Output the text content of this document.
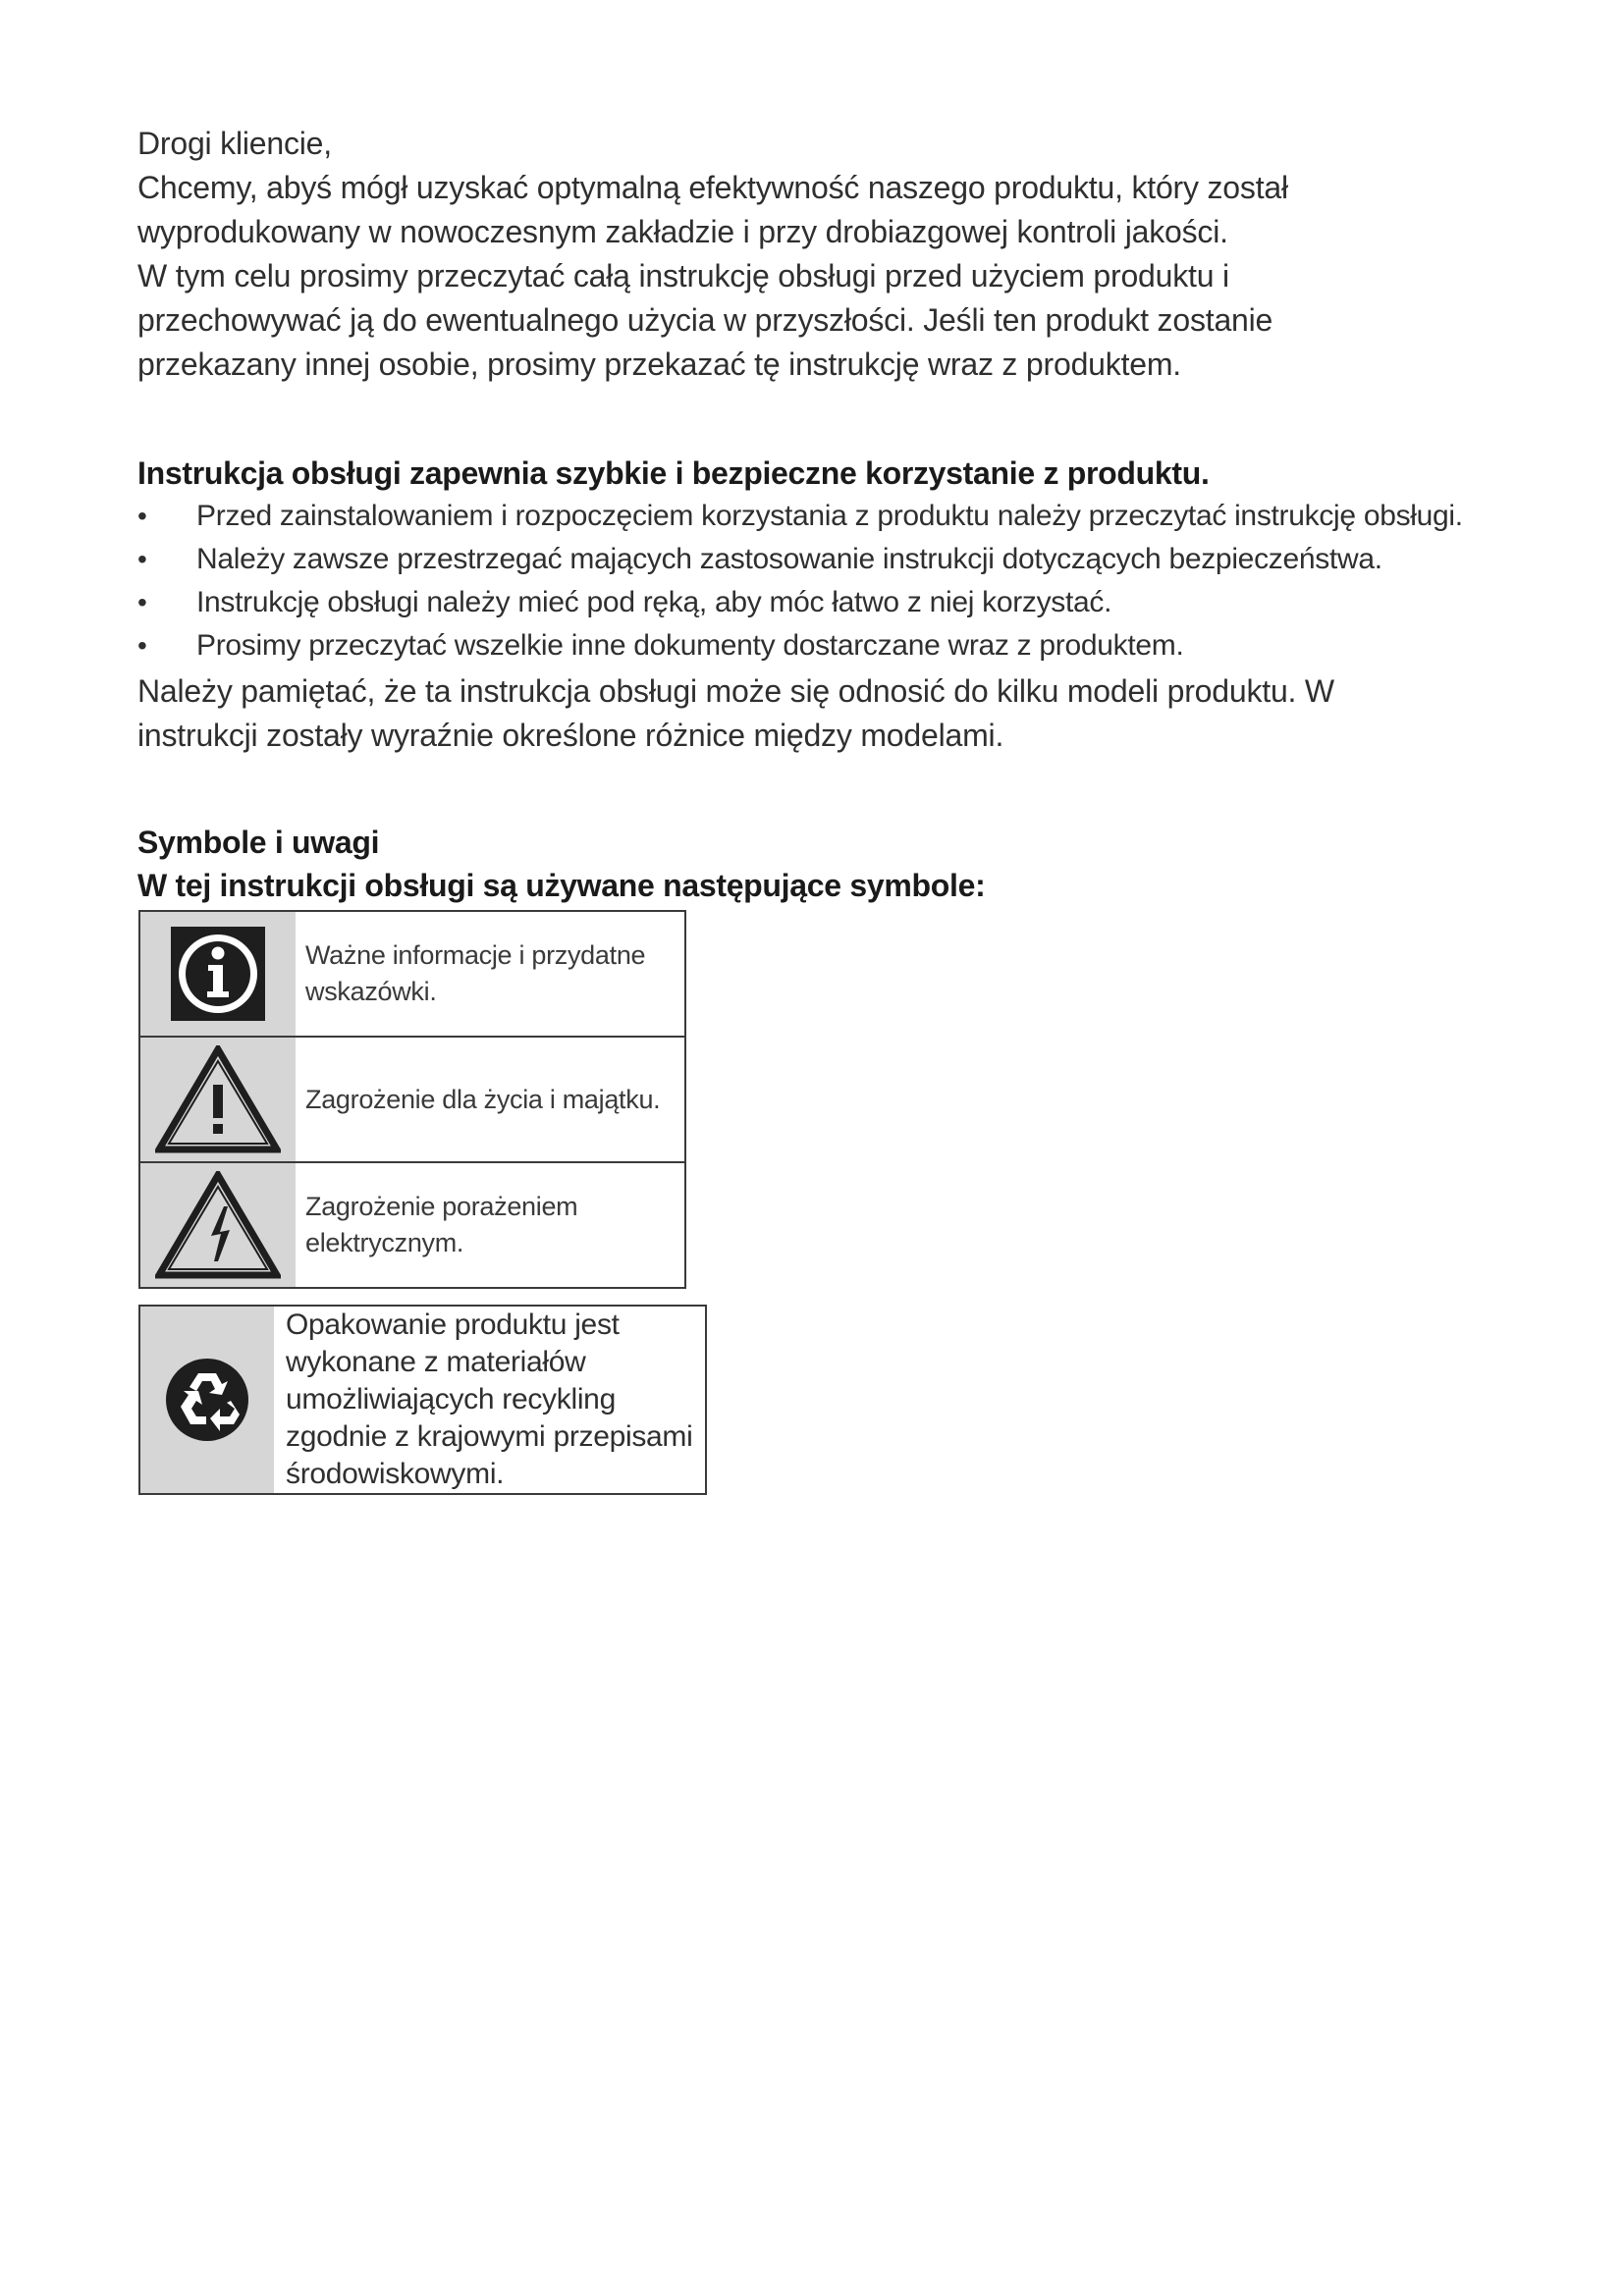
Drogi kliencie,

Chcemy, abyś mógł uzyskać optymalną efektywność naszego produktu, który został wyprodukowany w nowoczesnym zakładzie i przy drobiazgowej kontroli jakości.

W tym celu prosimy przeczytać całą instrukcję obsługi przed użyciem produktu i przechowywać ją do ewentualnego użycia w przyszłości. Jeśli ten produkt zostanie przekazany innej osobie, prosimy przekazać tę instrukcję wraz z produktem.

Instrukcja obsługi zapewnia szybkie i bezpieczne korzystanie z produktu.

• Przed zainstalowaniem i rozpoczęciem korzystania z produktu należy przeczytać instrukcję obsługi.
• Należy zawsze przestrzegać mających zastosowanie instrukcji dotyczących bezpieczeństwa.
• Instrukcję obsługi należy mieć pod ręką, aby móc łatwo z niej korzystać.
• Prosimy przeczytać wszelkie inne dokumenty dostarczane wraz z produktem.

Należy pamiętać, że ta instrukcja obsługi może się odnosić do kilku modeli produktu. W instrukcji zostały wyraźnie określone różnice między modelami.

Symbole i uwagi

W tej instrukcji obsługi są używane następujące symbole:

Ważne informacje i przydatne wskazówki.
Zagrożenie dla życia i majątku.
Zagrożenie porażeniem elektrycznym.
Opakowanie produktu jest wykonane z materiałów umożliwiających recykling zgodnie z krajowymi przepisami środowiskowymi.
